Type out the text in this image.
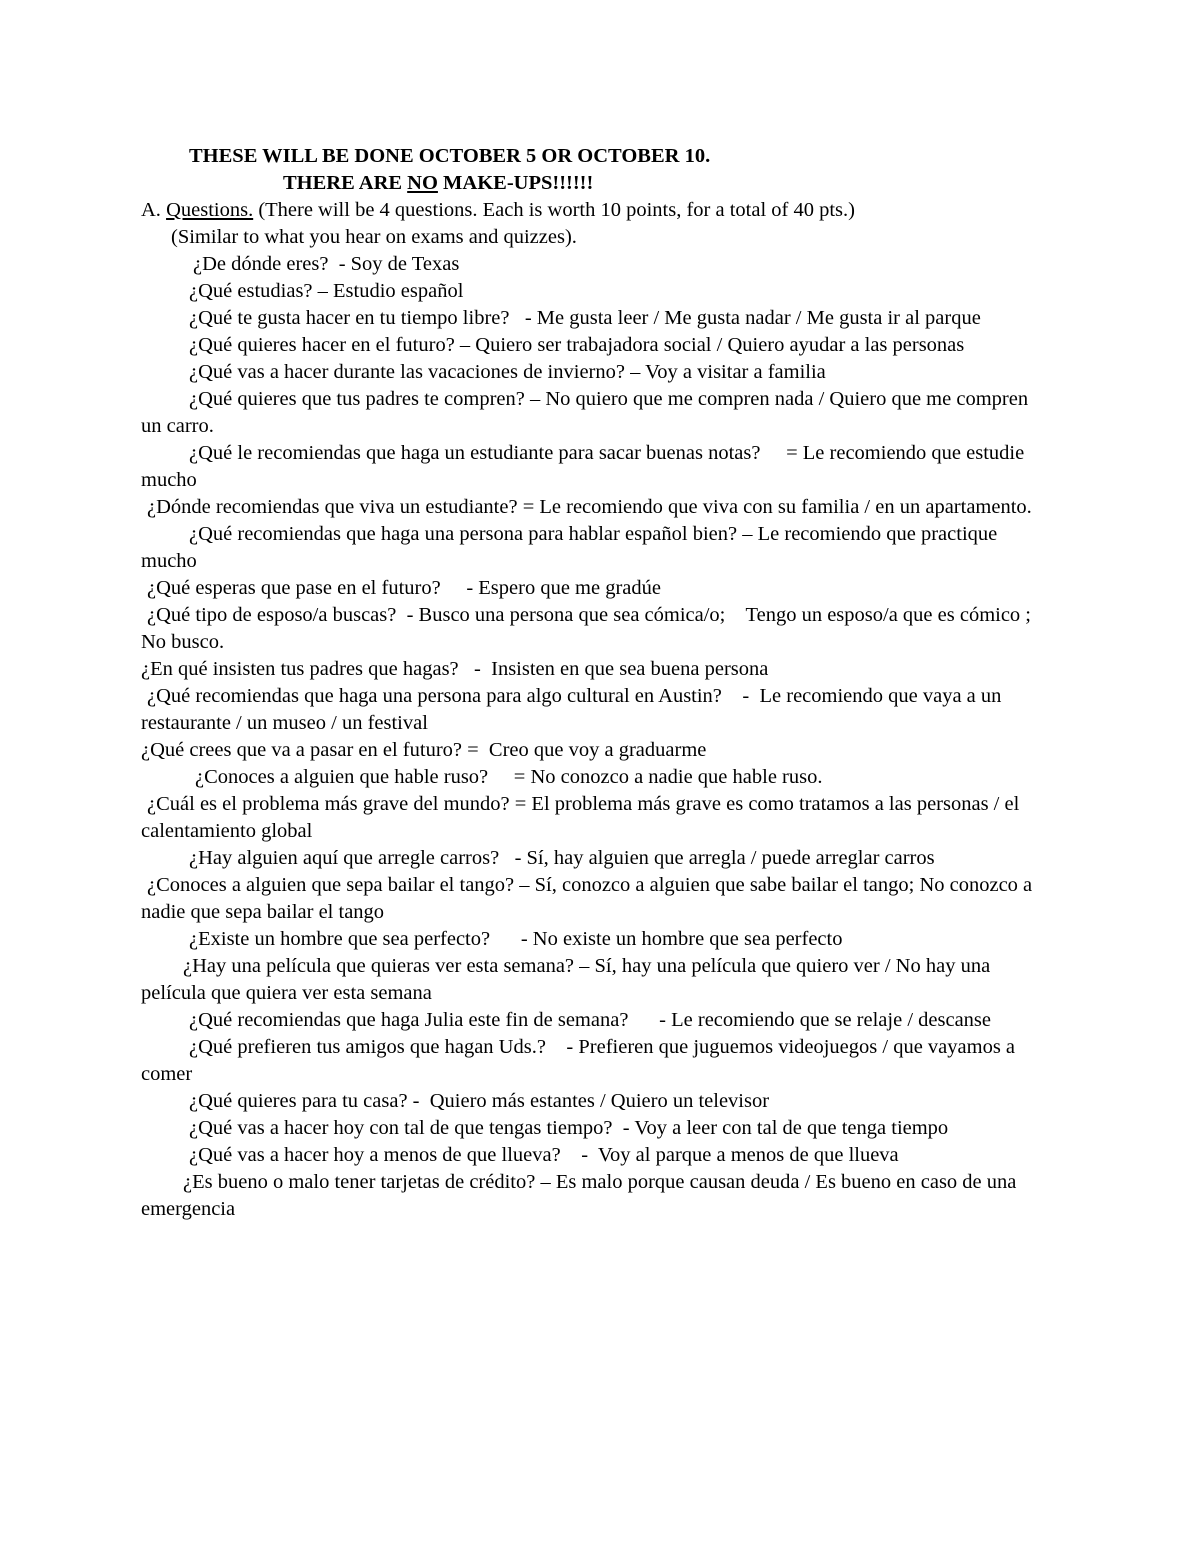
THESE WILL BE DONE OCTOBER 5 OR OCTOBER 10.
THERE ARE NO MAKE-UPS!!!!!!
A. Questions. (There will be 4 questions. Each is worth 10 points, for a total of 40 pts.)
(Similar to what you hear on exams and quizzes).
¿De dónde eres?  - Soy de Texas
¿Qué estudias? – Estudio español
¿Qué te gusta hacer en tu tiempo libre?   - Me gusta leer / Me gusta nadar / Me gusta ir al parque
¿Qué quieres hacer en el futuro? – Quiero ser trabajadora social / Quiero ayudar a las personas
¿Qué vas a hacer durante las vacaciones de invierno? – Voy a visitar a familia
¿Qué quieres que tus padres te compren? – No quiero que me compren nada / Quiero que me compren un carro.
¿Qué le recomiendas que haga un estudiante para sacar buenas notas?     = Le recomiendo que estudie mucho
¿Dónde recomiendas que viva un estudiante? = Le recomiendo que viva con su familia / en un apartamento.
¿Qué recomiendas que haga una persona para hablar español bien? – Le recomiendo que practique mucho
¿Qué esperas que pase en el futuro?     - Espero que me gradúe
¿Qué tipo de esposo/a buscas?  - Busco una persona que sea cómica/o;    Tengo un esposo/a que es cómico ;    No busco.
¿En qué insisten tus padres que hagas?   -  Insisten en que sea buena persona
¿Qué recomiendas que haga una persona para algo cultural en Austin?    -  Le recomiendo que vaya a un restaurante / un museo / un festival
¿Qué crees que va a pasar en el futuro? =  Creo que voy a graduarme
¿Conoces a alguien que hable ruso?     = No conozco a nadie que hable ruso.
¿Cuál es el problema más grave del mundo? = El problema más grave es como tratamos a las personas / el calentamiento global
¿Hay alguien aquí que arregle carros?   - Sí, hay alguien que arregla / puede arreglar carros
¿Conoces a alguien que sepa bailar el tango? – Sí, conozco a alguien que sabe bailar el tango; No conozco a nadie que sepa bailar el tango
¿Existe un hombre que sea perfecto?      - No existe un hombre que sea perfecto
¿Hay una película que quieras ver esta semana? – Sí, hay una película que quiero ver / No hay una película que quiera ver esta semana
¿Qué recomiendas que haga Julia este fin de semana?      - Le recomiendo que se relaje / descanse
¿Qué prefieren tus amigos que hagan Uds.?    - Prefieren que juguemos videojuegos / que vayamos a comer
¿Qué quieres para tu casa? -  Quiero más estantes / Quiero un televisor
¿Qué vas a hacer hoy con tal de que tengas tiempo?  - Voy a leer con tal de que tenga tiempo
¿Qué vas a hacer hoy a menos de que llueva?    -  Voy al parque a menos de que llueva
¿Es bueno o malo tener tarjetas de crédito? – Es malo porque causan deuda / Es bueno en caso de una emergencia
